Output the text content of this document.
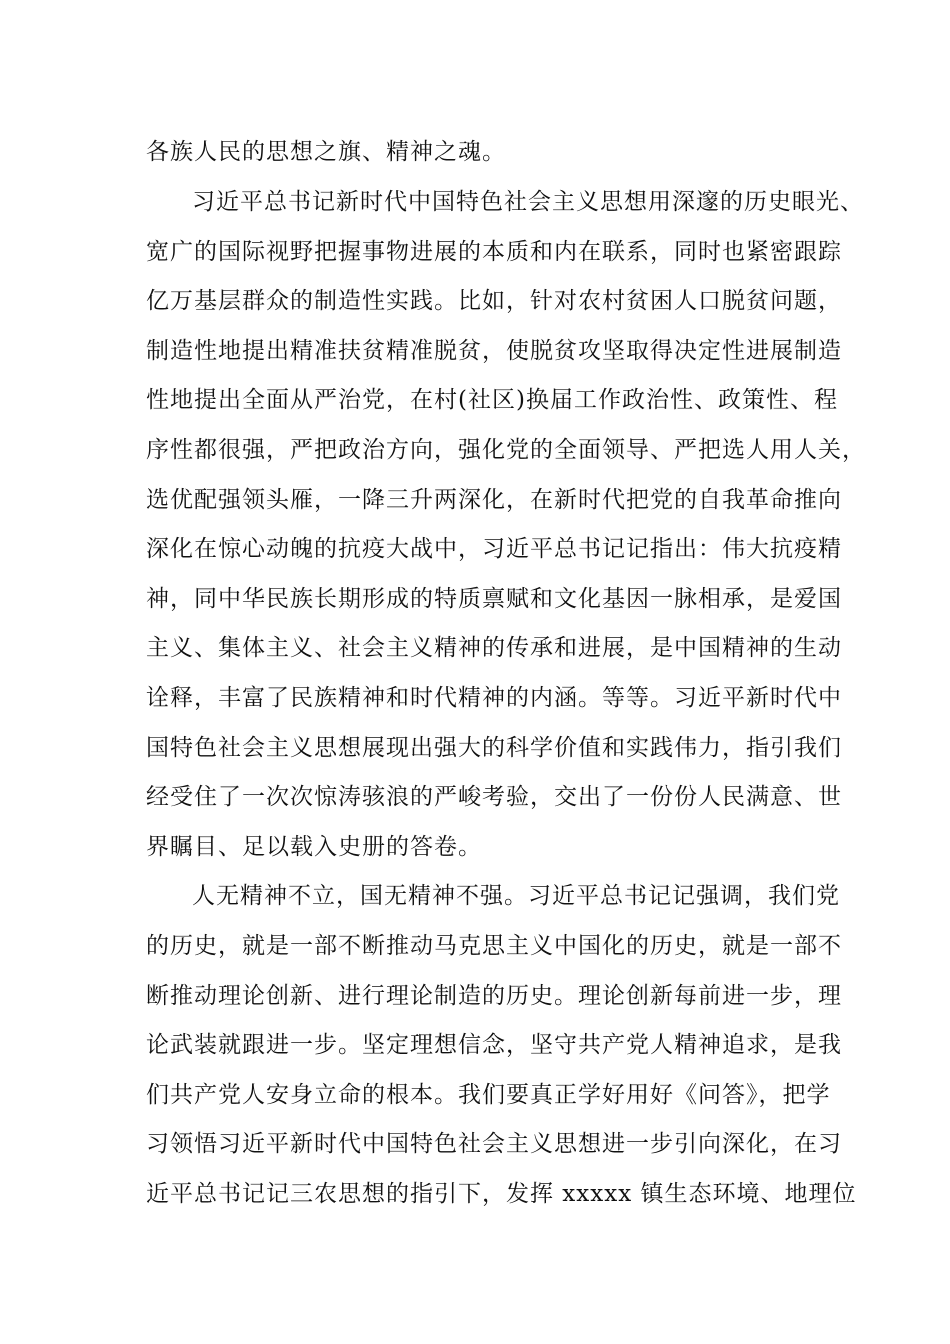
各族人民的思想之旗、精神之魂。
习近平总书记新时代中国特色社会主义思想用深邃的历史眼光、
宽广的国际视野把握事物进展的本质和内在联系，同时也紧密跟踪
亿万基层群众的制造性实践。比如，针对农村贫困人口脱贫问题，
制造性地提出精准扶贫精准脱贫，使脱贫攻坚取得决定性进展制造
性地提出全面从严治党，在村(社区)换届工作政治性、政策性、程
序性都很强，严把政治方向，强化党的全面领导、严把选人用人关，
选优配强领头雁，一降三升两深化，在新时代把党的自我革命推向
深化在惊心动魄的抗疫大战中，习近平总书记记指出：伟大抗疫精
神，同中华民族长期形成的特质禀赋和文化基因一脉相承，是爱国
主义、集体主义、社会主义精神的传承和进展，是中国精神的生动
诠释，丰富了民族精神和时代精神的内涵。等等。习近平新时代中
国特色社会主义思想展现出强大的科学价值和实践伟力，指引我们
经受住了一次次惊涛骇浪的严峻考验，交出了一份份人民满意、世
界瞩目、足以载入史册的答卷。
人无精神不立，国无精神不强。习近平总书记记强调，我们党
的历史，就是一部不断推动马克思主义中国化的历史，就是一部不
断推动理论创新、进行理论制造的历史。理论创新每前进一步，理
论武装就跟进一步。坚定理想信念，坚守共产党人精神追求，是我
们共产党人安身立命的根本。我们要真正学好用好《问答》，把学
习领悟习近平新时代中国特色社会主义思想进一步引向深化，在习
近平总书记记三农思想的指引下，发挥 xxxxx 镇生态环境、地理位
